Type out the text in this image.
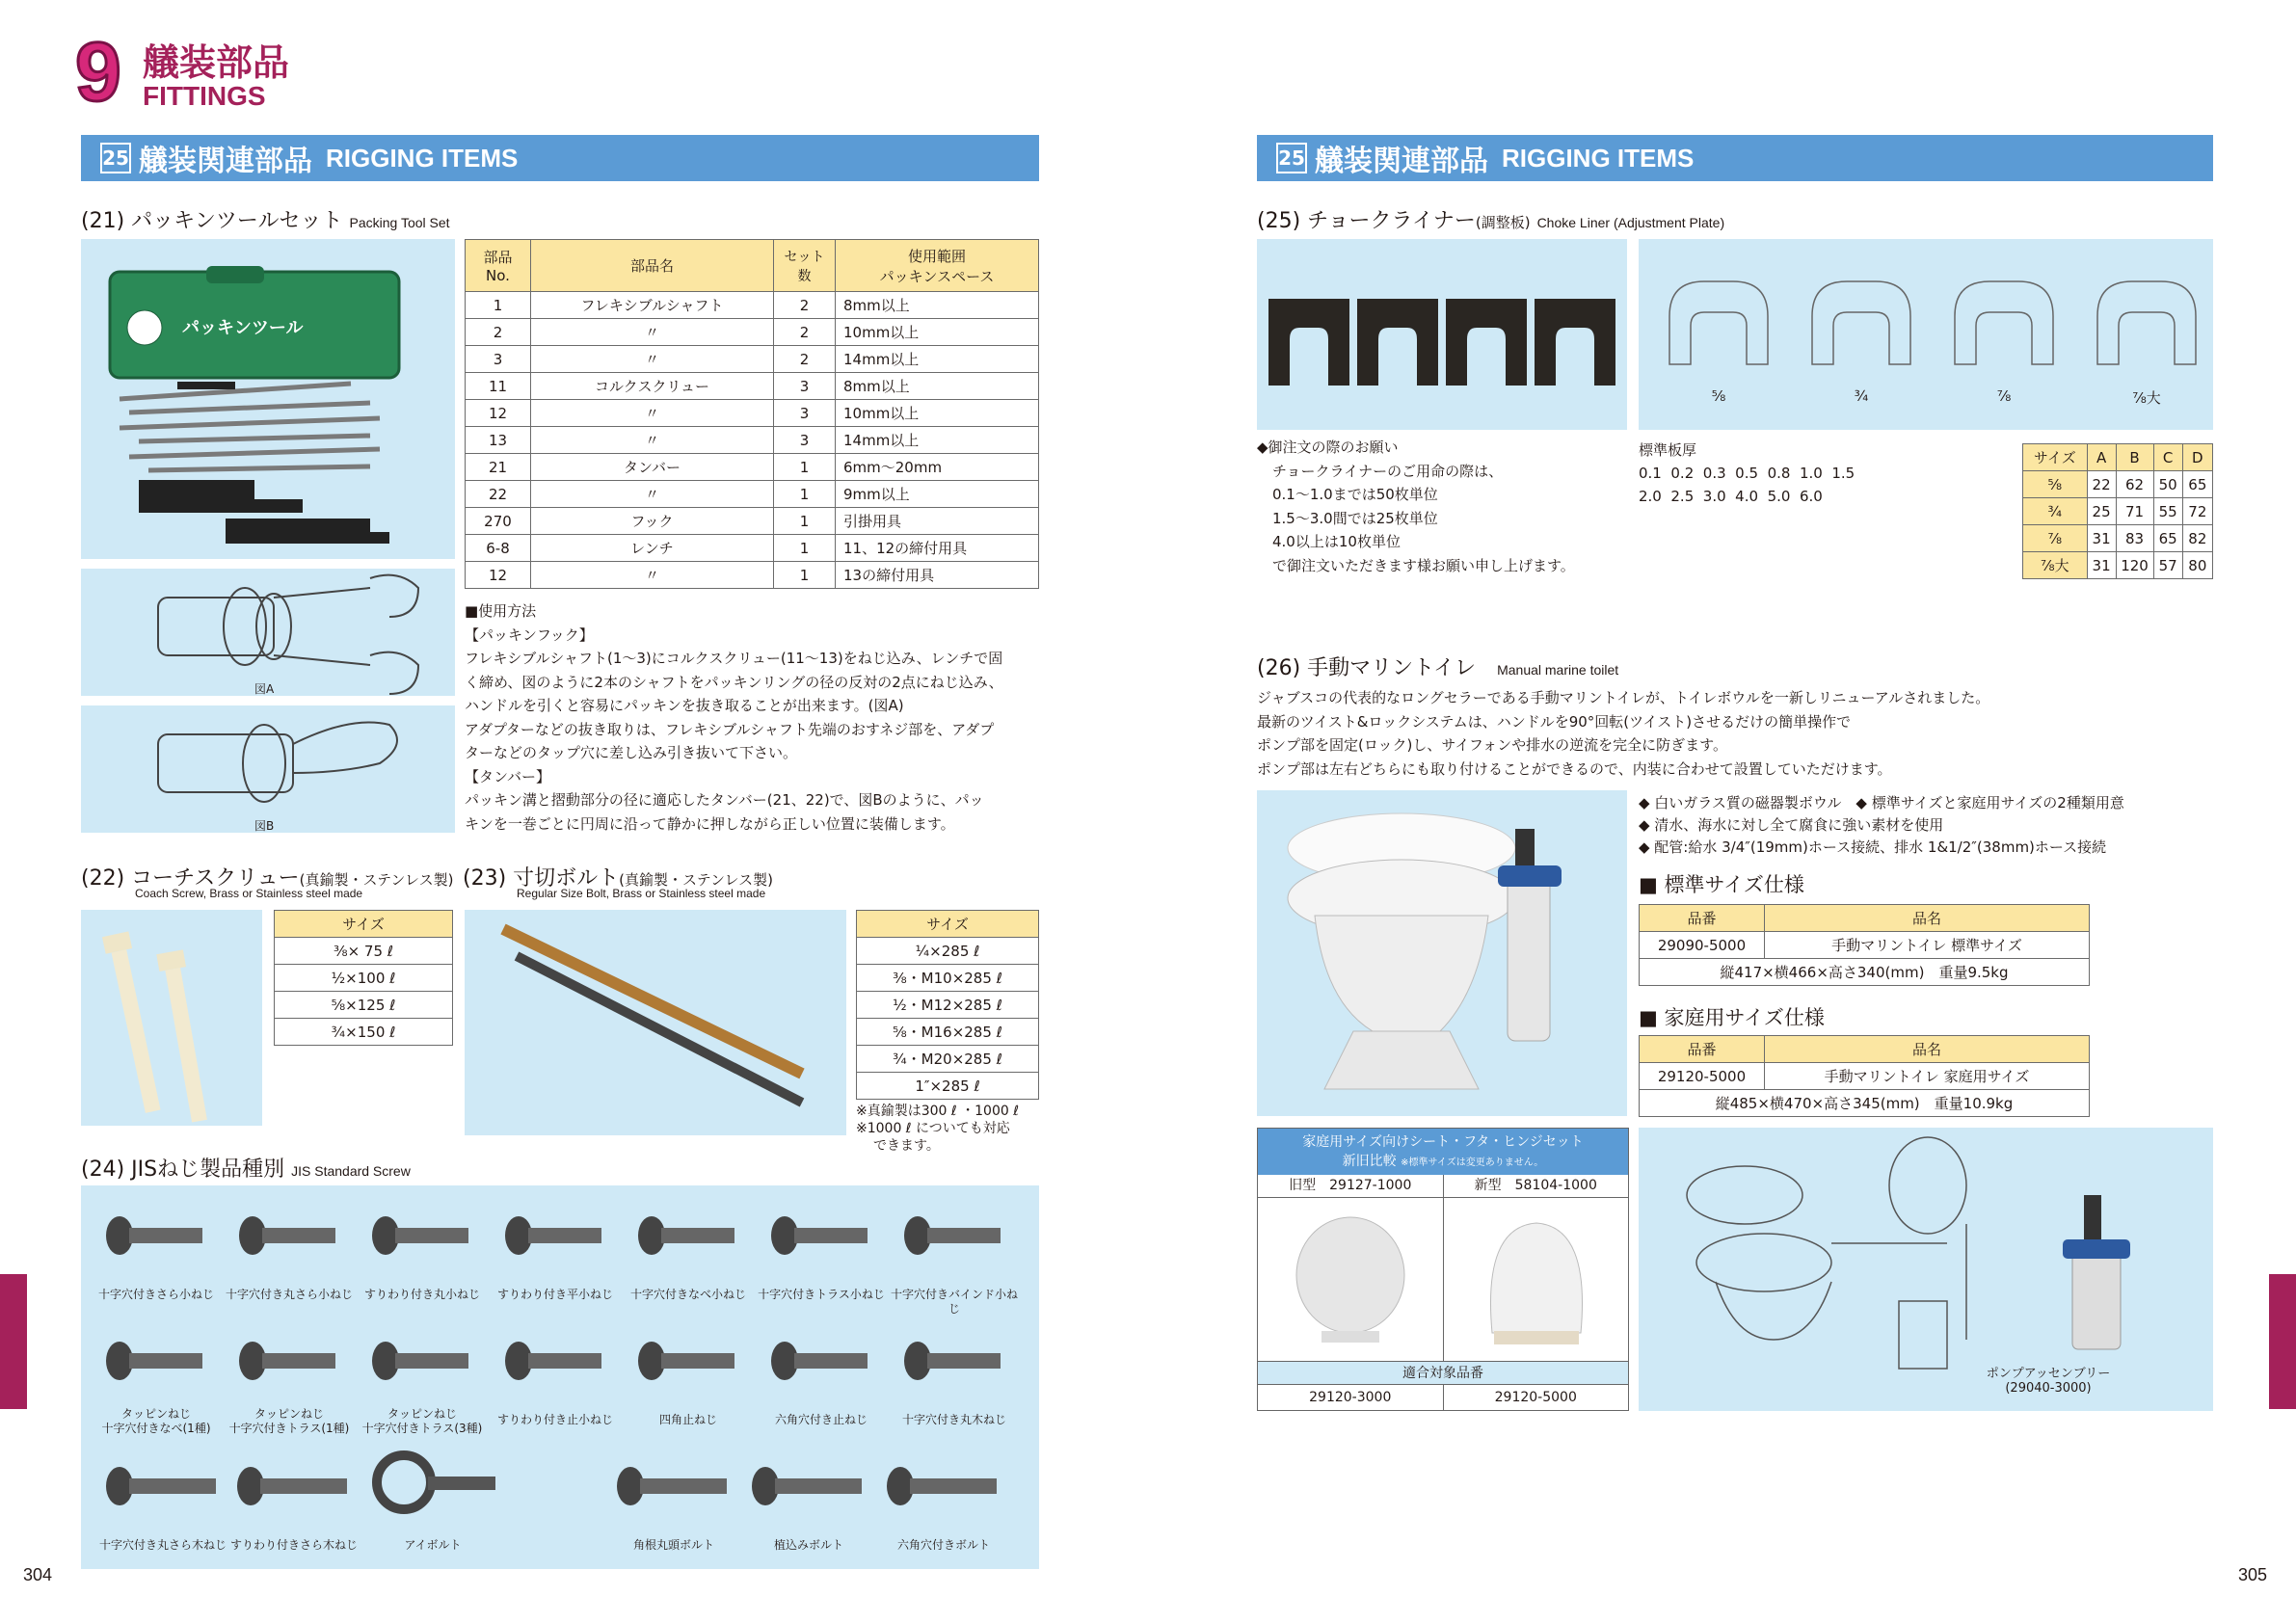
9 艤装部品
FITTINGS
25 艤装関連部品 RIGGING ITEMS	25 艤装関連部品 RIGGING ITEMS
(21) パッキンツールセット Packing Tool Set
パッキンツール
図A
図B
部品No.	部品名	セット数	使用範囲
パッキンスペース

1	フレキシブルシャフト	2	8mm以上
2	〃	2	10mm以上
3	〃	2	14mm以上
11	コルクスクリュー	3	8mm以上
12	〃	3	10mm以上
13	〃	3	14mm以上
21	タンバー	1	6mm〜20mm
22	〃	1	9mm以上
270	フック	1	引掛用具
6-8	レンチ	1	11、12の締付用具
12	〃	1	13の締付用具
■使用方法
【パッキンフック】
フレキシブルシャフト(1〜3)にコルクスクリュー(11〜13)をねじ込み、レンチで固
く締め、図のように2本のシャフトをパッキンリングの径の反対の2点にねじ込み、
ハンドルを引くと容易にパッキンを抜き取ることが出来ます。(図A)
アダプターなどの抜き取りは、フレキシブルシャフト先端のおすネジ部を、アダプ
ターなどのタップ穴に差し込み引き抜いて下さい。
【タンバー】
パッキン溝と摺動部分の径に適応したタンバー(21、22)で、図Bのように、パッ
キンを一巻ごとに円周に沿って静かに押しながら正しい位置に装備します。
(22) コーチスクリュー(真鍮製・ステンレス製)
Coach Screw, Brass or Stainless steel made
サイズ
⅜× 75 ℓ
½×100 ℓ
⅝×125 ℓ
¾×150 ℓ
(23) 寸切ボルト(真鍮製・ステンレス製)
Regular Size Bolt, Brass or Stainless steel made
サイズ
¼×285 ℓ
⅜・M10×285 ℓ
½・M12×285 ℓ
⅝・M16×285 ℓ
¾・M20×285 ℓ
1″×285 ℓ
※真鍮製は300 ℓ ・1000 ℓ
※1000 ℓ についても対応
できます。
(24) JISねじ製品種別 JIS Standard Screw
十字穴付きさら小ねじ 十字穴付き丸さら小ねじ すりわり付き丸小ねじ	すりわり付き平小ねじ	十字穴付きなべ小ねじ	十字穴付きトラス小ねじ 十字穴付きバインド小ねじ
タッピンねじ
十字穴付きなべ(1種)
タッピンねじ
十字穴付きトラス(1種)
タッピンねじ
十字穴付きトラス(3種)
すりわり付き止小ねじ	四角止ねじ	六角穴付き止ねじ	十字穴付き丸木ねじ
十字穴付き丸さら木ねじ すりわり付きさら木ねじ	アイボルト	角根丸頭ボルト	植込みボルト	六角穴付きボルト
(25) チョークライナー(調整板) Choke Liner (Adjustment Plate)
⅝	¾	⅞	⅞大
◆御注文の際のお願い
チョークライナーのご用命の際は、
0.1〜1.0までは50枚単位
1.5〜3.0間では25枚単位
4.0以上は10枚単位
で御注文いただきます様お願い申し上げます。
標準板厚
0.1  0.2  0.3  0.5  0.8  1.0  1.5
2.0  2.5  3.0  4.0  5.0  6.0
サイズ	A	B	C	D
⅝	22	62	50	65
¾	25	71	55	72
⅞	31	83	65	82
⅞大	31	120	57	80
(26) 手動マリントイレ　 Manual marine toilet
ジャブスコの代表的なロングセラーである手動マリントイレが、トイレボウルを一新しリニューアルされました。
最新のツイスト&ロックシステムは、ハンドルを90°回転(ツイスト)させるだけの簡単操作で
ポンプ部を固定(ロック)し、サイフォンや排水の逆流を完全に防ぎます。
ポンプ部は左右どちらにも取り付けることができるので、内装に合わせて設置していただけます。
◆ 白いガラス質の磁器製ボウル　◆ 標準サイズと家庭用サイズの2種類用意
◆ 清水、海水に対し全て腐食に強い素材を使用
◆ 配管:給水 3/4″(19mm)ホース接続、排水 1&1/2″(38mm)ホース接続
■ 標準サイズ仕様
品番	品名
29090-5000	手動マリントイレ 標準サイズ
縦417×横466×高さ340(mm)　重量9.5kg	
■ 家庭用サイズ仕様
品番	品名
29120-5000	手動マリントイレ 家庭用サイズ
縦485×横470×高さ345(mm)　重量10.9kg	
家庭用サイズ向けシート・フタ・ヒンジセット
新旧比較 ※標準サイズは変更ありません。
旧型　29127-1000	新型　58104-1000
適合対象品番
29120-3000	29120-5000
ポンプアッセンブリー
(29040-3000)
304	305
